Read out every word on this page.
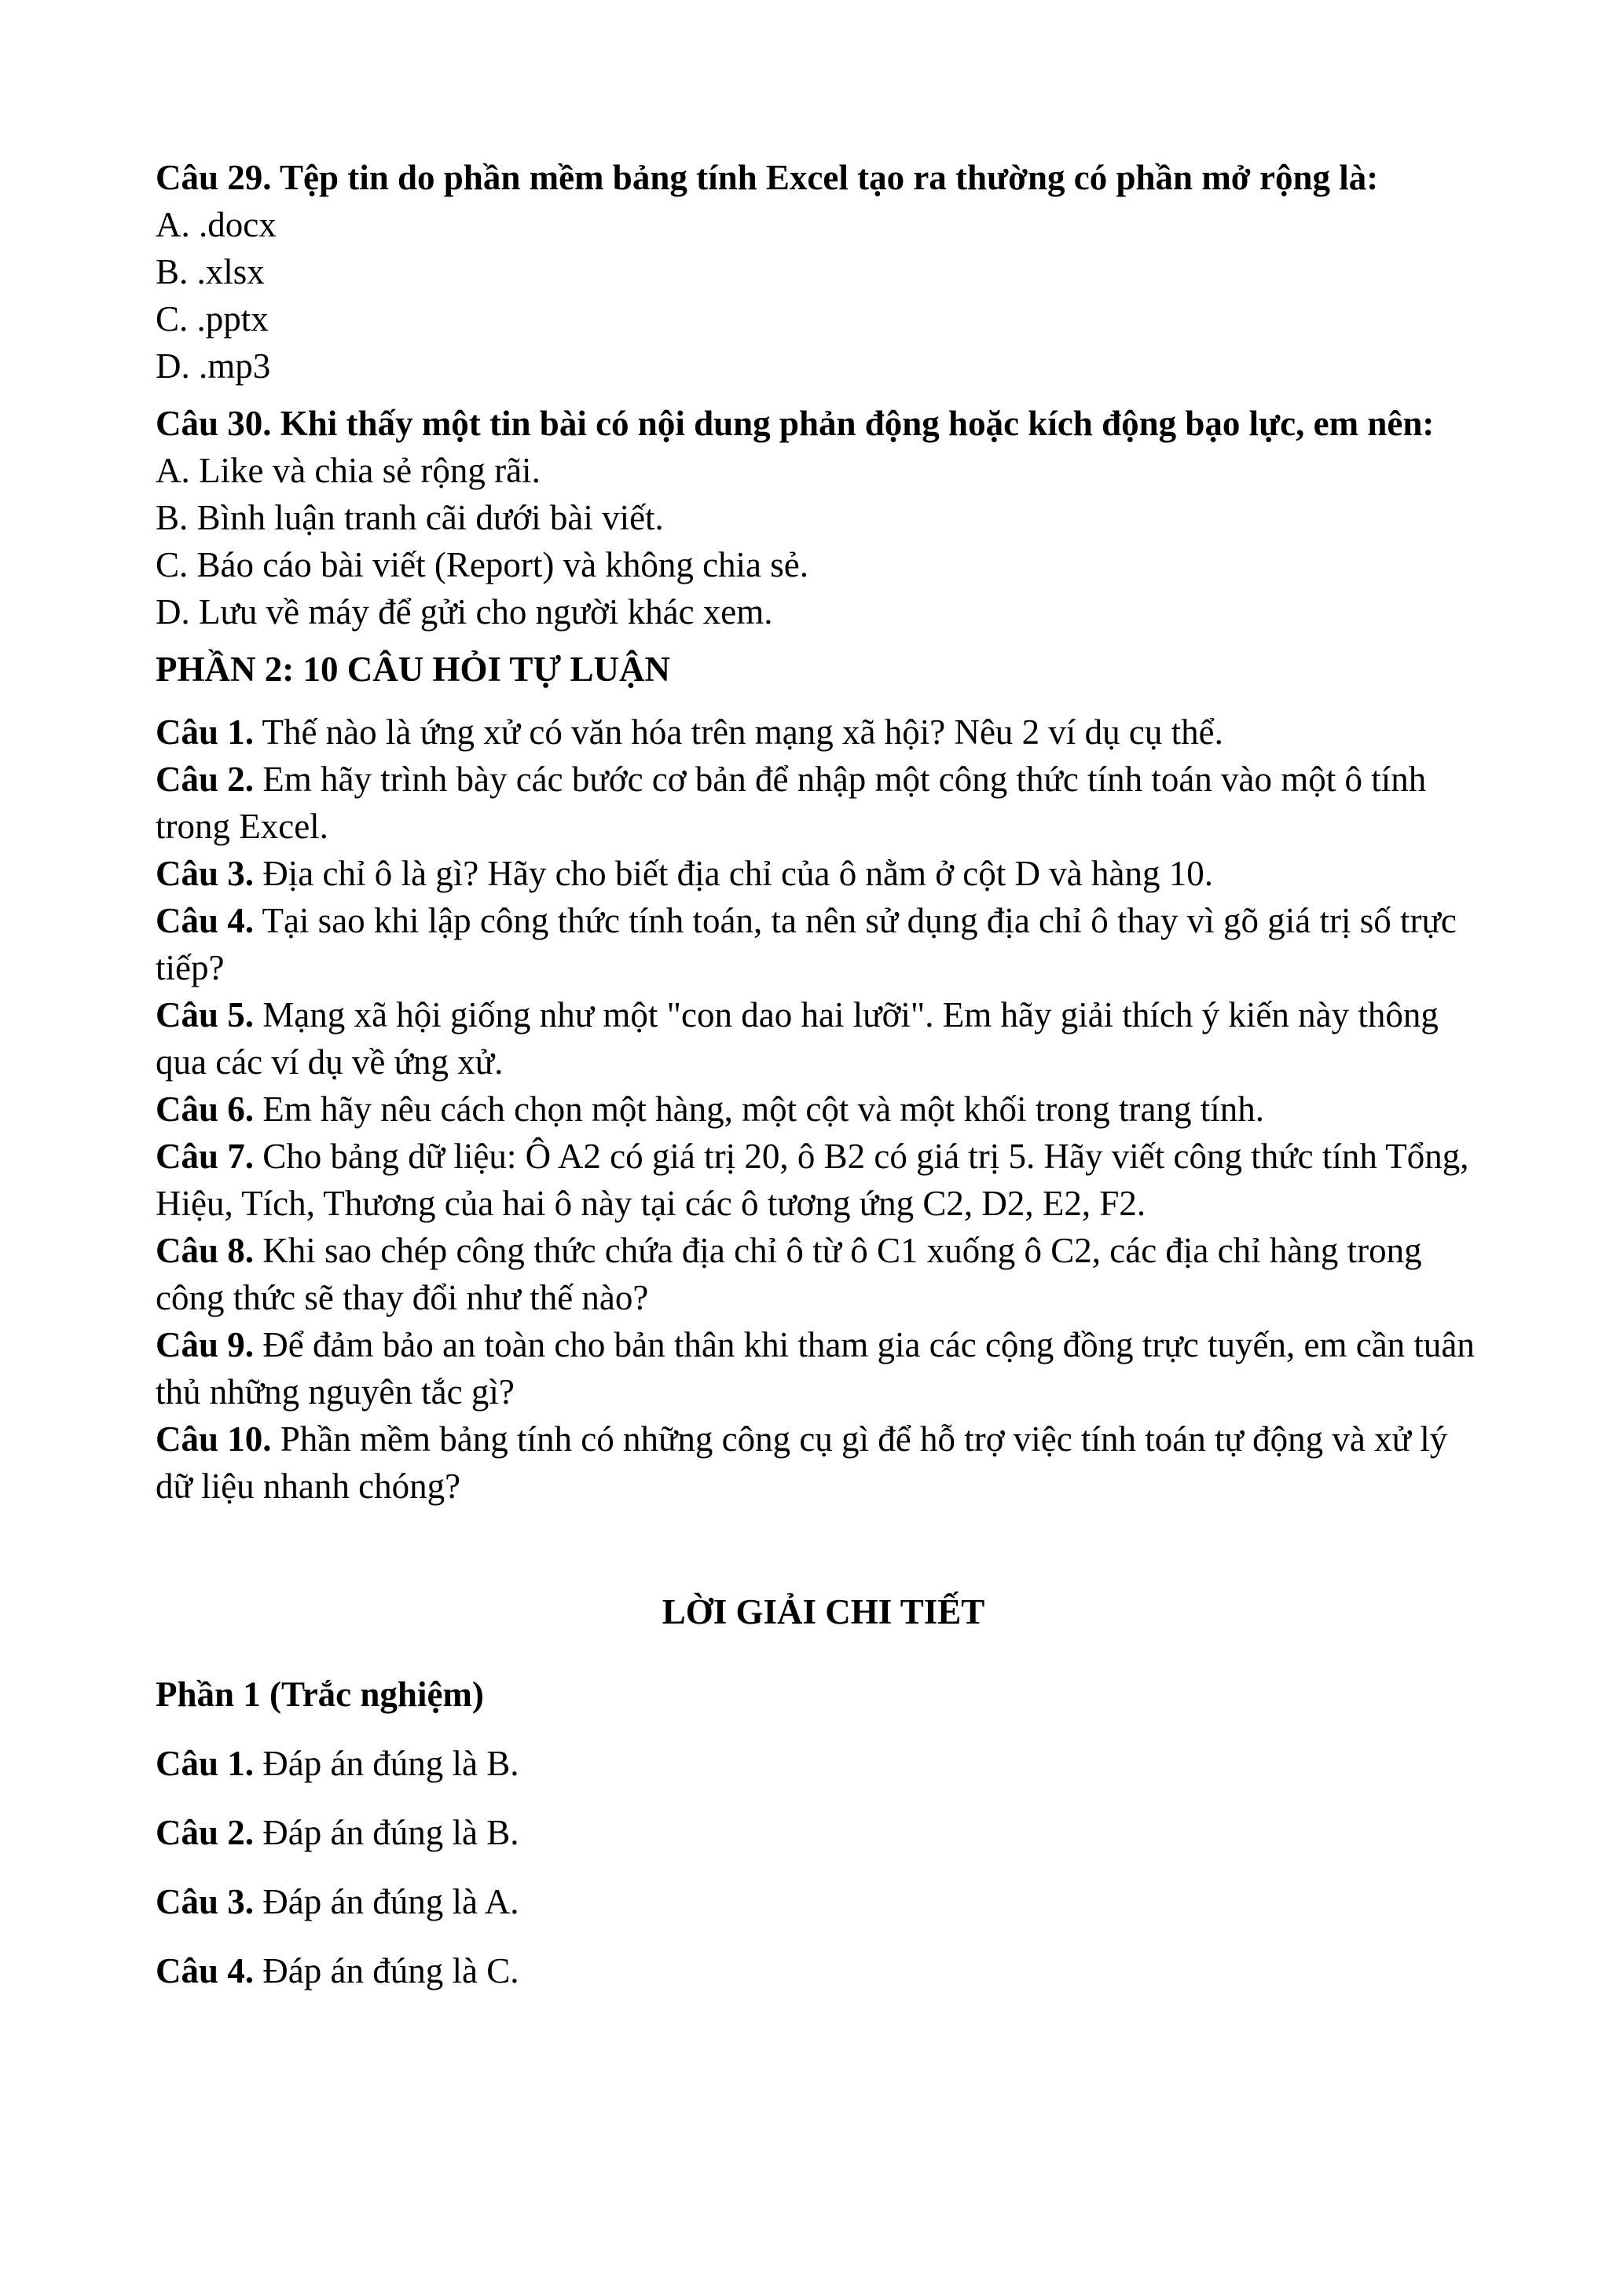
Câu 29. Tệp tin do phần mềm bảng tính Excel tạo ra thường có phần mở rộng là:

A. .docx

B. .xlsx

C. .pptx

D. .mp3

Câu 30. Khi thấy một tin bài có nội dung phản động hoặc kích động bạo lực, em nên:

A. Like và chia sẻ rộng rãi.

B. Bình luận tranh cãi dưới bài viết.

C. Báo cáo bài viết (Report) và không chia sẻ.

D. Lưu về máy để gửi cho người khác xem.

PHẦN 2: 10 CÂU HỎI TỰ LUẬN

Câu 1. Thế nào là ứng xử có văn hóa trên mạng xã hội? Nêu 2 ví dụ cụ thể.

Câu 2. Em hãy trình bày các bước cơ bản để nhập một công thức tính toán vào một ô tính trong Excel.

Câu 3. Địa chỉ ô là gì? Hãy cho biết địa chỉ của ô nằm ở cột D và hàng 10.

Câu 4. Tại sao khi lập công thức tính toán, ta nên sử dụng địa chỉ ô thay vì gõ giá trị số trực tiếp?

Câu 5. Mạng xã hội giống như một "con dao hai lưỡi". Em hãy giải thích ý kiến này thông qua các ví dụ về ứng xử.

Câu 6. Em hãy nêu cách chọn một hàng, một cột và một khối trong trang tính.

Câu 7. Cho bảng dữ liệu: Ô A2 có giá trị 20, ô B2 có giá trị 5. Hãy viết công thức tính Tổng, Hiệu, Tích, Thương của hai ô này tại các ô tương ứng C2, D2, E2, F2.

Câu 8. Khi sao chép công thức chứa địa chỉ ô từ ô C1 xuống ô C2, các địa chỉ hàng trong công thức sẽ thay đổi như thế nào?

Câu 9. Để đảm bảo an toàn cho bản thân khi tham gia các cộng đồng trực tuyến, em cần tuân thủ những nguyên tắc gì?

Câu 10. Phần mềm bảng tính có những công cụ gì để hỗ trợ việc tính toán tự động và xử lý dữ liệu nhanh chóng?

LỜI GIẢI CHI TIẾT

Phần 1 (Trắc nghiệm)

Câu 1. Đáp án đúng là B.

Câu 2. Đáp án đúng là B.

Câu 3. Đáp án đúng là A.

Câu 4. Đáp án đúng là C.
